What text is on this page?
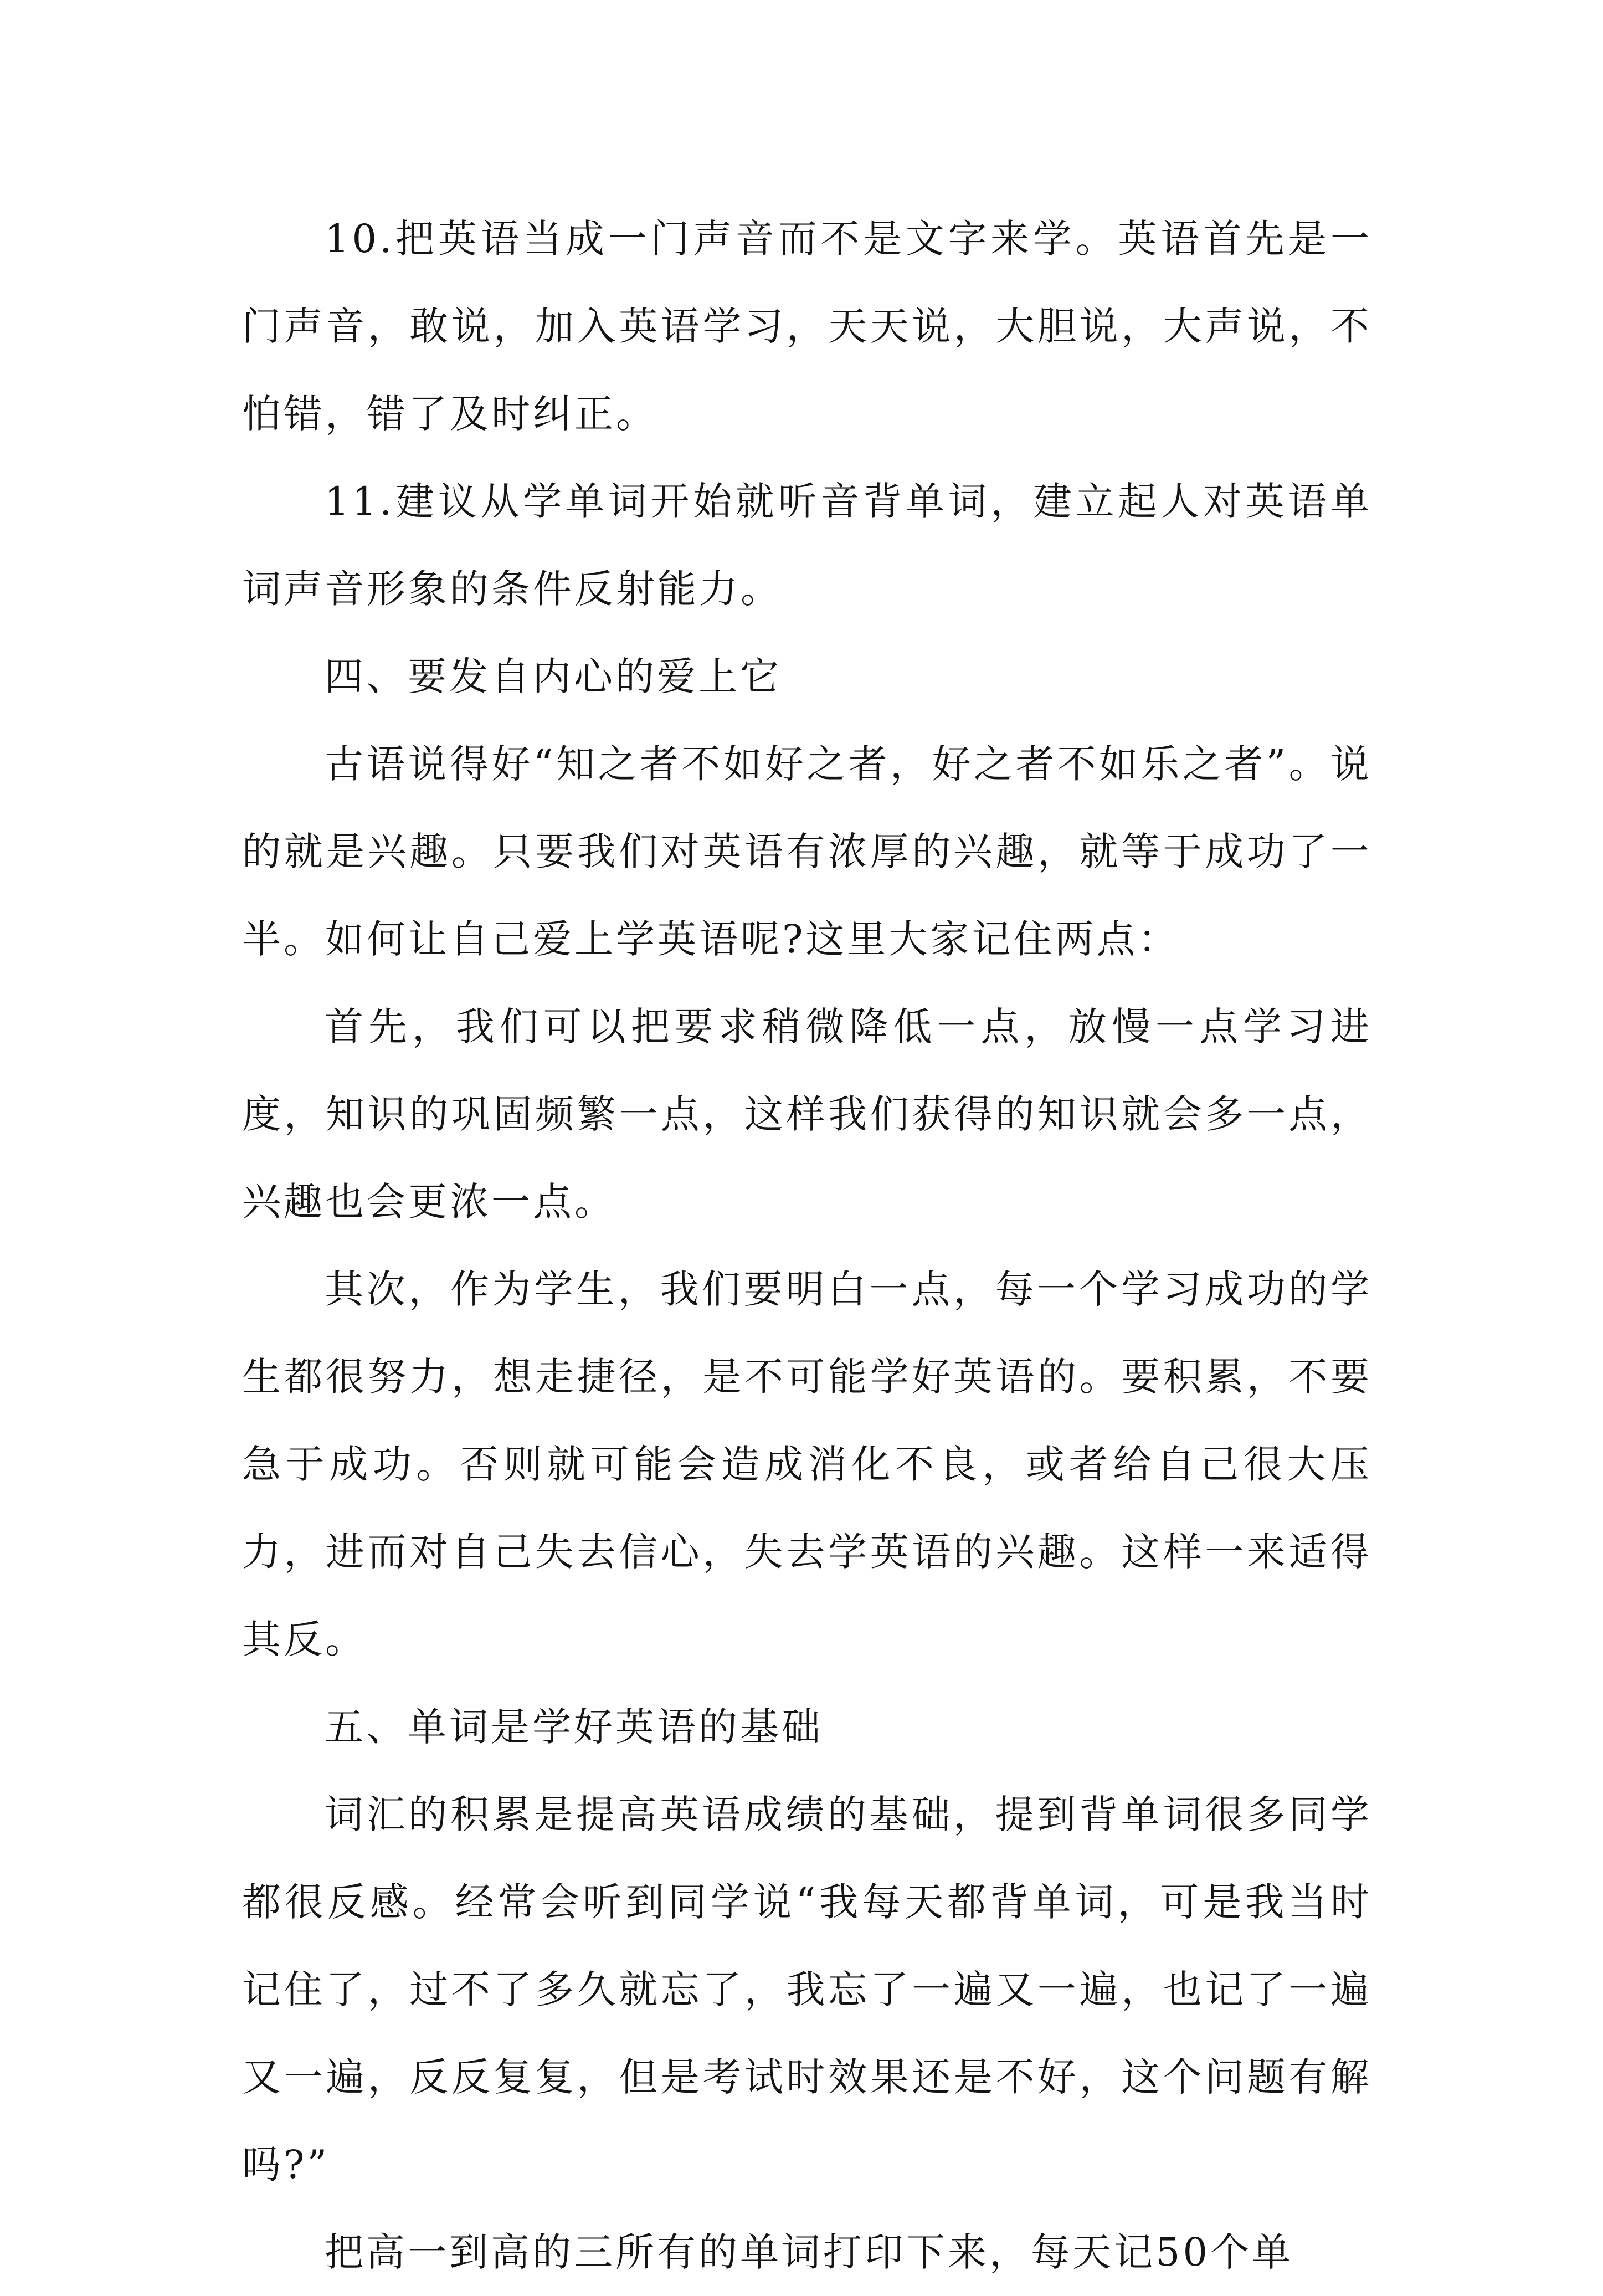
10.把英语当成一门声音而不是文字来学。英语首先是一门声音，敢说，加入英语学习，天天说，大胆说，大声说，不怕错，错了及时纠正。

11.建议从学单词开始就听音背单词，建立起人对英语单词声音形象的条件反射能力。

四、要发自内心的爱上它

古语说得好“知之者不如好之者，好之者不如乐之者”。说的就是兴趣。只要我们对英语有浓厚的兴趣，就等于成功了一半。如何让自己爱上学英语呢?这里大家记住两点：

首先，我们可以把要求稍微降低一点，放慢一点学习进度，知识的巩固频繁一点，这样我们获得的知识就会多一点，兴趣也会更浓一点。

其次，作为学生，我们要明白一点，每一个学习成功的学生都很努力，想走捷径，是不可能学好英语的。要积累，不要急于成功。否则就可能会造成消化不良，或者给自己很大压力，进而对自己失去信心，失去学英语的兴趣。这样一来适得其反。

五、单词是学好英语的基础

词汇的积累是提高英语成绩的基础，提到背单词很多同学都很反感。经常会听到同学说“我每天都背单词，可是我当时记住了，过不了多久就忘了，我忘了一遍又一遍，也记了一遍又一遍，反反复复，但是考试时效果还是不好，这个问题有解吗?”

把高一到高的三所有的单词打印下来，每天记50个单
